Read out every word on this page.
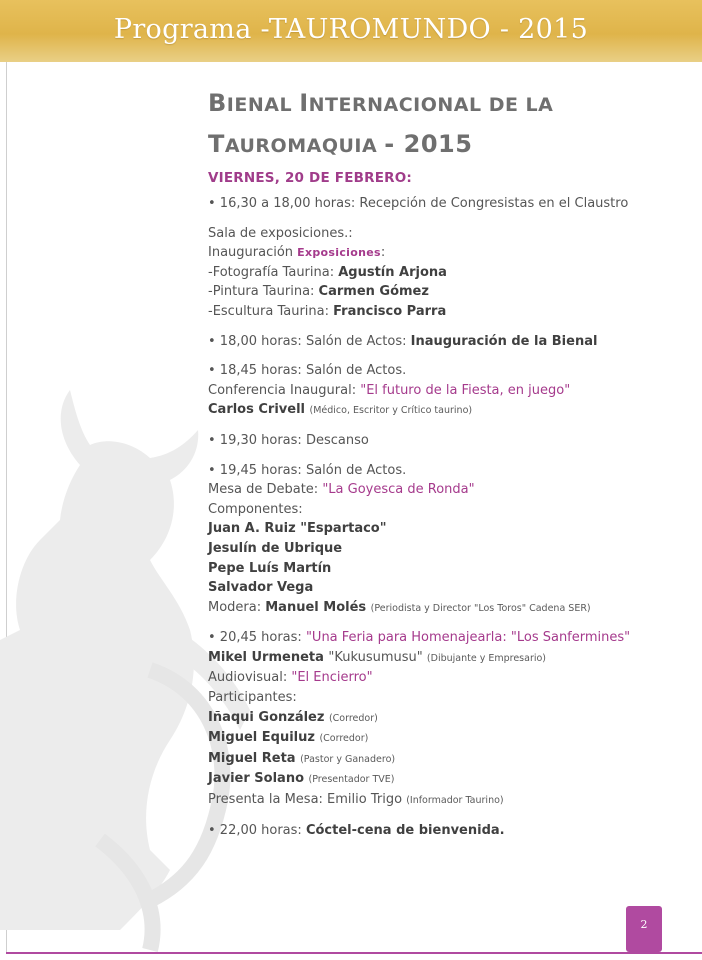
Programa -TAUROMUNDO - 2015
BIENAL INTERNACIONAL DE LA
TAUROMAQUIA - 2015
VIERNES, 20 DE FEBRERO:
• 16,30 a 18,00 horas: Recepción de Congresistas en el Claustro
Sala de exposiciones.:
Inauguración Exposiciones:
-Fotografía Taurina: Agustín Arjona
-Pintura Taurina: Carmen Gómez
-Escultura Taurina: Francisco Parra
• 18,00 horas: Salón de Actos: Inauguración de la Bienal
• 18,45 horas: Salón de Actos.
Conferencia Inaugural: "El futuro de la Fiesta, en juego"
Carlos Crivell (Médico, Escritor y Crítico taurino)
• 19,30 horas: Descanso
• 19,45 horas: Salón de Actos.
Mesa de Debate: "La Goyesca de Ronda"
Componentes:
Juan A. Ruiz "Espartaco"
Jesulín de Ubrique
Pepe Luís Martín
Salvador Vega
Modera: Manuel Molés (Periodista y Director "Los Toros" Cadena SER)
• 20,45 horas: "Una Feria para Homenajearla: "Los Sanfermines"
Mikel Urmeneta "Kukusumusu" (Dibujante y Empresario)
Audiovisual: "El Encierro"
Participantes:
Iñaqui González (Corredor)
Miguel Equiluz (Corredor)
Miguel Reta (Pastor y Ganadero)
Javier Solano (Presentador TVE)
Presenta la Mesa: Emilio Trigo (Informador Taurino)
• 22,00 horas: Cóctel-cena de bienvenida.
2
